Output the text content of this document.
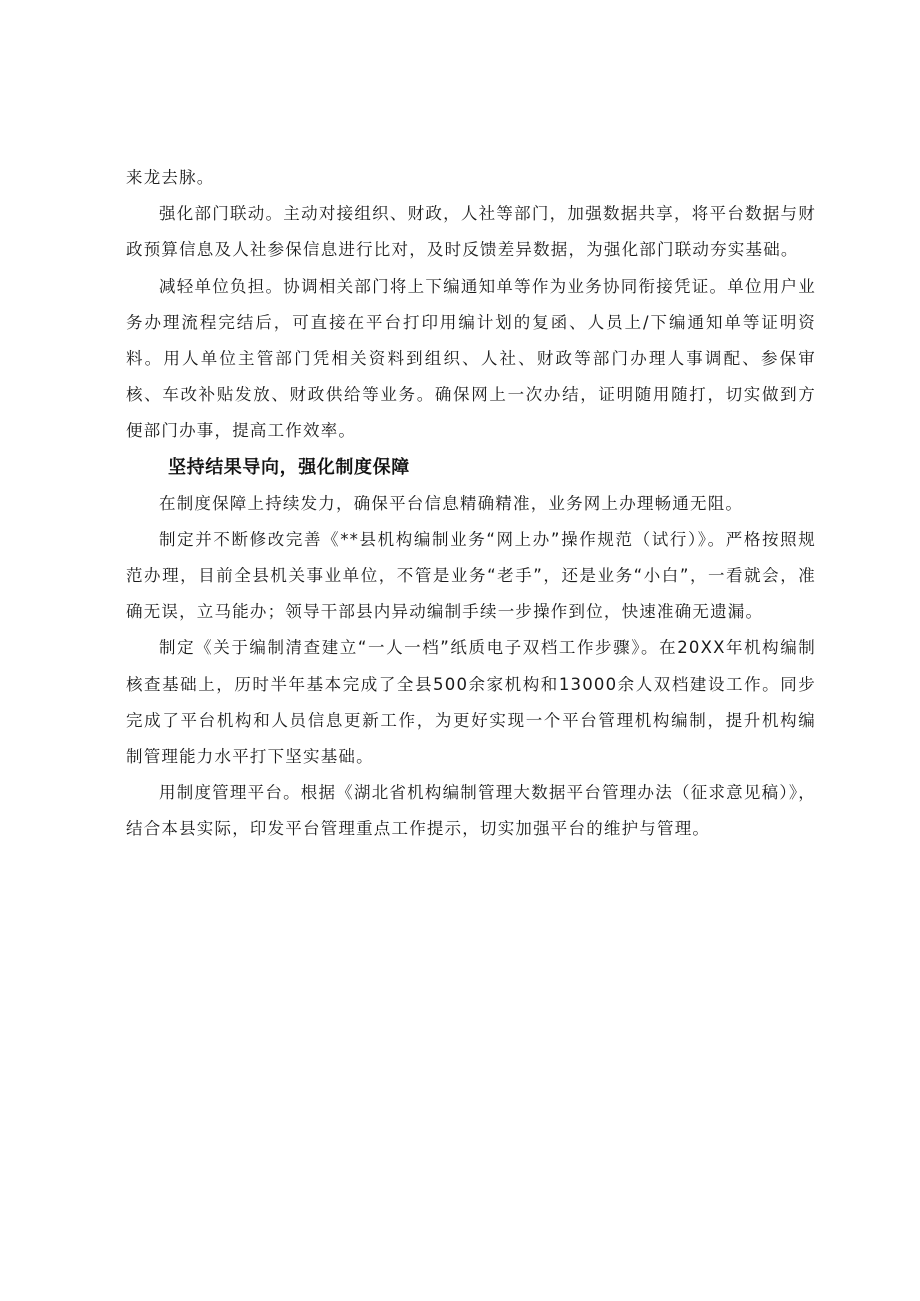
来龙去脉。

强化部门联动。主动对接组织、财政，人社等部门，加强数据共享，将平台数据与财政预算信息及人社参保信息进行比对，及时反馈差异数据，为强化部门联动夯实基础。

减轻单位负担。协调相关部门将上下编通知单等作为业务协同衔接凭证。单位用户业务办理流程完结后，可直接在平台打印用编计划的复函、人员上/下编通知单等证明资料。用人单位主管部门凭相关资料到组织、人社、财政等部门办理人事调配、参保审核、车改补贴发放、财政供给等业务。确保网上一次办结，证明随用随打，切实做到方便部门办事，提高工作效率。

坚持结果导向，强化制度保障

在制度保障上持续发力，确保平台信息精确精准，业务网上办理畅通无阻。

制定并不断修改完善《**县机构编制业务“网上办”操作规范（试行）》。严格按照规范办理，目前全县机关事业单位，不管是业务“老手”，还是业务“小白”，一看就会，准确无误，立马能办；领导干部县内异动编制手续一步操作到位，快速准确无遗漏。

制定《关于编制清查建立“一人一档”纸质电子双档工作步骤》。在20XX年机构编制核查基础上，历时半年基本完成了全县500余家机构和13000余人双档建设工作。同步完成了平台机构和人员信息更新工作，为更好实现一个平台管理机构编制，提升机构编制管理能力水平打下坚实基础。

用制度管理平台。根据《湖北省机构编制管理大数据平台管理办法（征求意见稿）》，结合本县实际，印发平台管理重点工作提示，切实加强平台的维护与管理。
